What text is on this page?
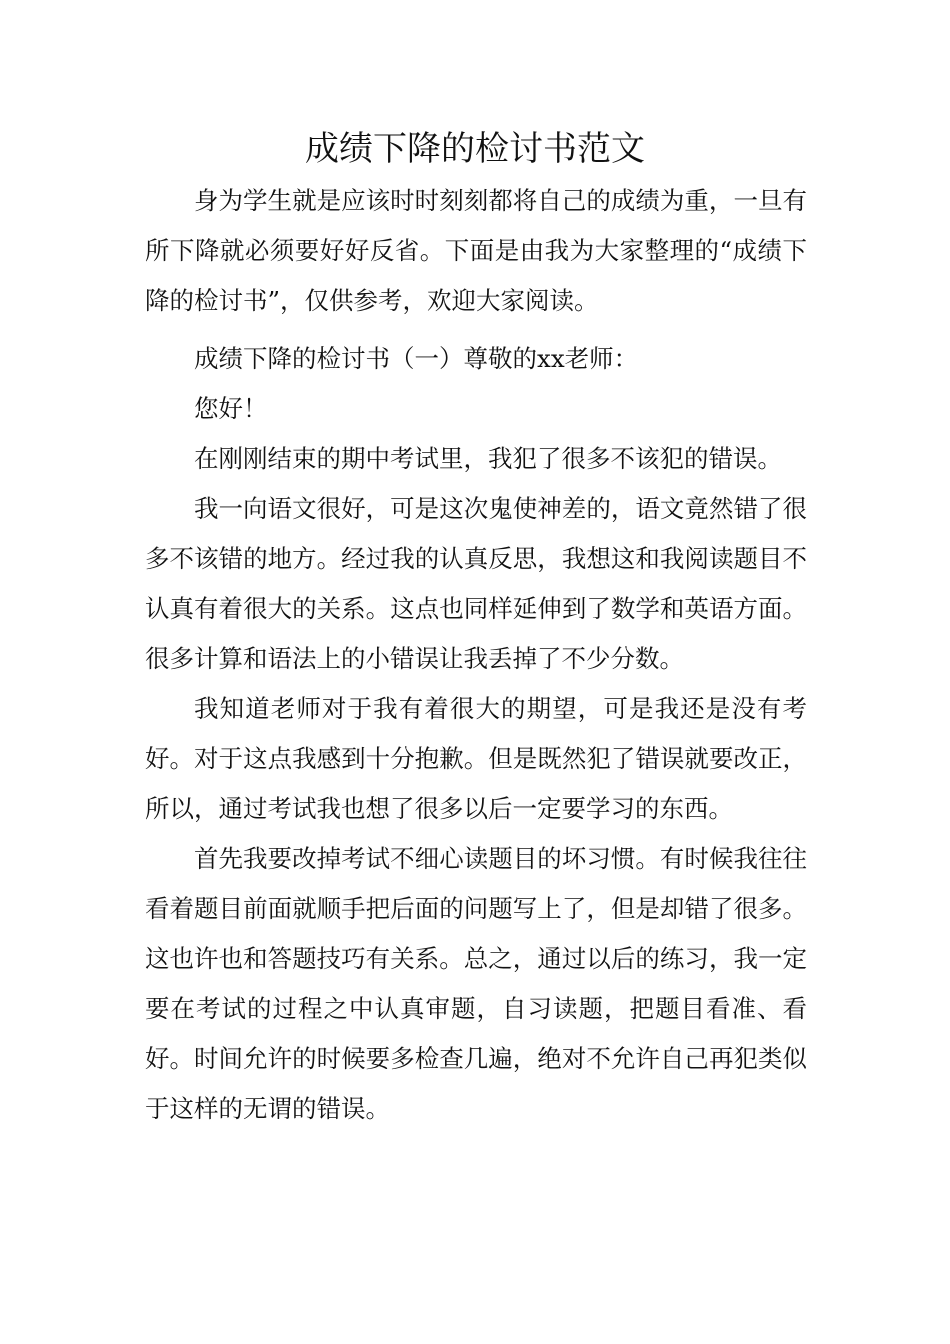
成绩下降的检讨书范文

身为学生就是应该时时刻刻都将自己的成绩为重，一旦有所下降就必须要好好反省。下面是由我为大家整理的“成绩下降的检讨书”，仅供参考，欢迎大家阅读。

成绩下降的检讨书（一）尊敬的xx老师：

您好！

在刚刚结束的期中考试里，我犯了很多不该犯的错误。

我一向语文很好，可是这次鬼使神差的，语文竟然错了很多不该错的地方。经过我的认真反思，我想这和我阅读题目不认真有着很大的关系。这点也同样延伸到了数学和英语方面。很多计算和语法上的小错误让我丢掉了不少分数。

我知道老师对于我有着很大的期望，可是我还是没有考好。对于这点我感到十分抱歉。但是既然犯了错误就要改正，所以，通过考试我也想了很多以后一定要学习的东西。

首先我要改掉考试不细心读题目的坏习惯。有时候我往往看着题目前面就顺手把后面的问题写上了，但是却错了很多。这也许也和答题技巧有关系。总之，通过以后的练习，我一定要在考试的过程之中认真审题，自习读题，把题目看准、看好。时间允许的时候要多检查几遍，绝对不允许自己再犯类似于这样的无谓的错误。
